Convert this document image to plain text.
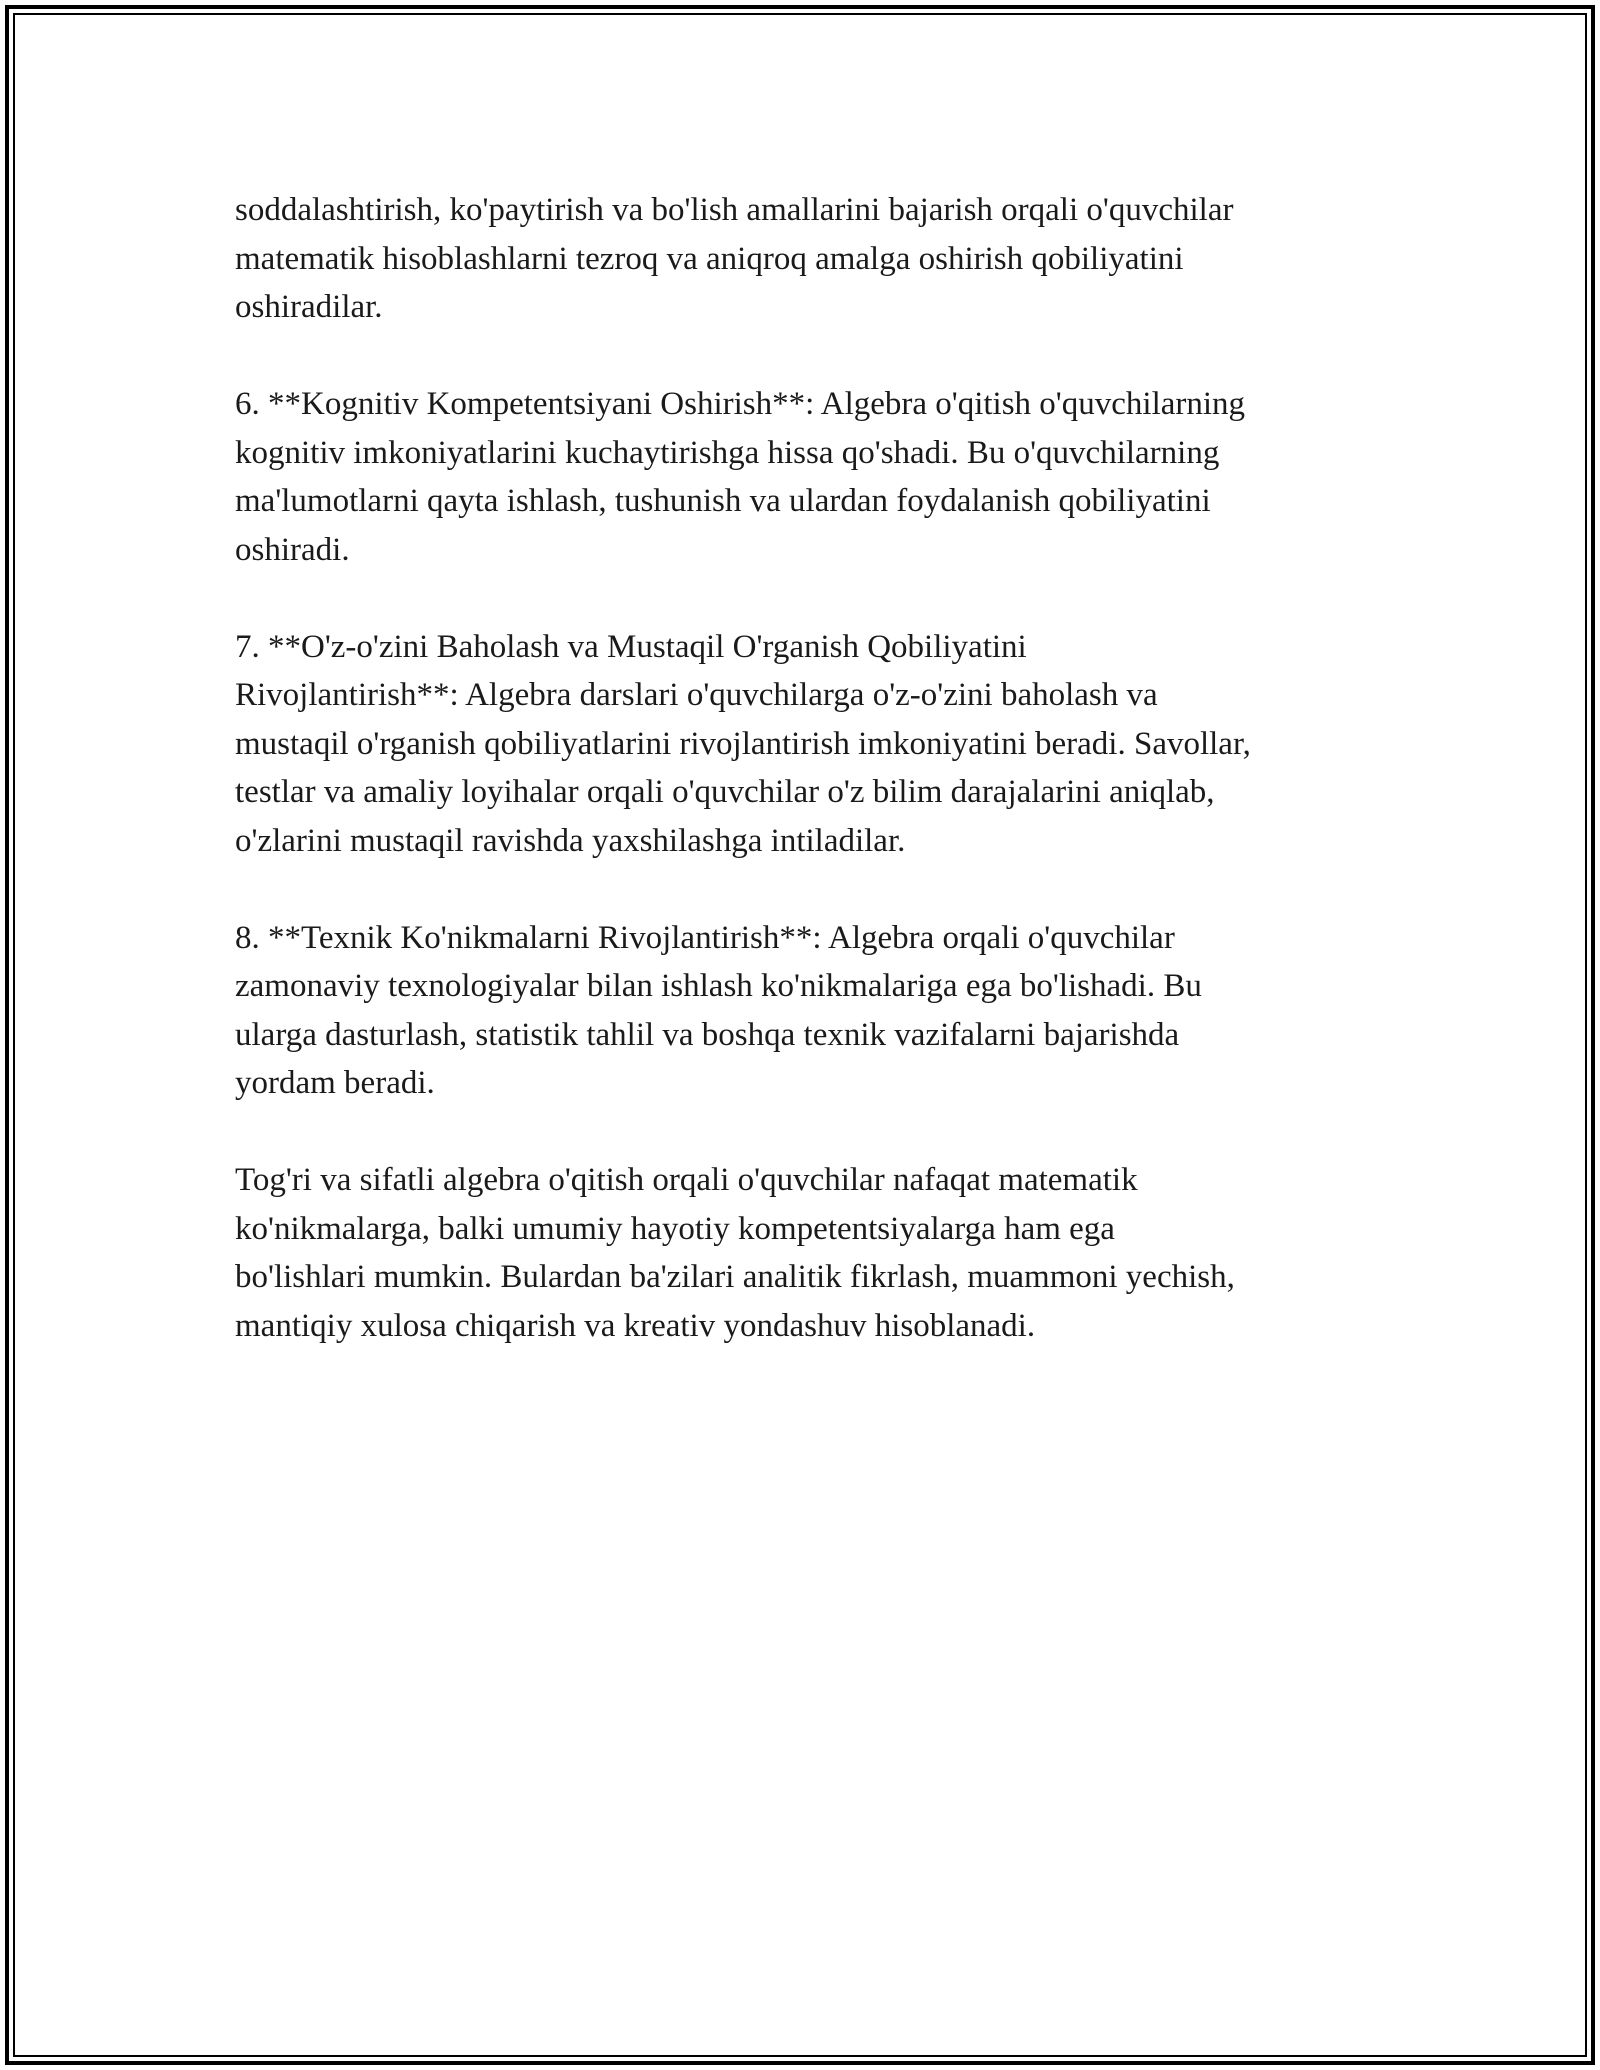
soddalashtirish, ko'paytirish va bo'lish amallarini bajarish orqali o'quvchilar
matematik hisoblashlarni tezroq va aniqroq amalga oshirish qobiliyatini
oshiradilar.

6. **Kognitiv Kompetentsiyani Oshirish**: Algebra o'qitish o'quvchilarning
kognitiv imkoniyatlarini kuchaytirishga hissa qo'shadi. Bu o'quvchilarning
ma'lumotlarni qayta ishlash, tushunish va ulardan foydalanish qobiliyatini
oshiradi.

7. **O'z-o'zini Baholash va Mustaqil O'rganish Qobiliyatini
Rivojlantirish**: Algebra darslari o'quvchilarga o'z-o'zini baholash va
mustaqil o'rganish qobiliyatlarini rivojlantirish imkoniyatini beradi. Savollar,
testlar va amaliy loyihalar orqali o'quvchilar o'z bilim darajalarini aniqlab,
o'zlarini mustaqil ravishda yaxshilashga intiladilar.

8. **Texnik Ko'nikmalarni Rivojlantirish**: Algebra orqali o'quvchilar
zamonaviy texnologiyalar bilan ishlash ko'nikmalariga ega bo'lishadi. Bu
ularga dasturlash, statistik tahlil va boshqa texnik vazifalarni bajarishda
yordam beradi.

Tog'ri va sifatli algebra o'qitish orqali o'quvchilar nafaqat matematik
ko'nikmalarga, balki umumiy hayotiy kompetentsiyalarga ham ega
bo'lishlari mumkin. Bulardan ba'zilari analitik fikrlash, muammoni yechish,
mantiqiy xulosa chiqarish va kreativ yondashuv hisoblanadi.
